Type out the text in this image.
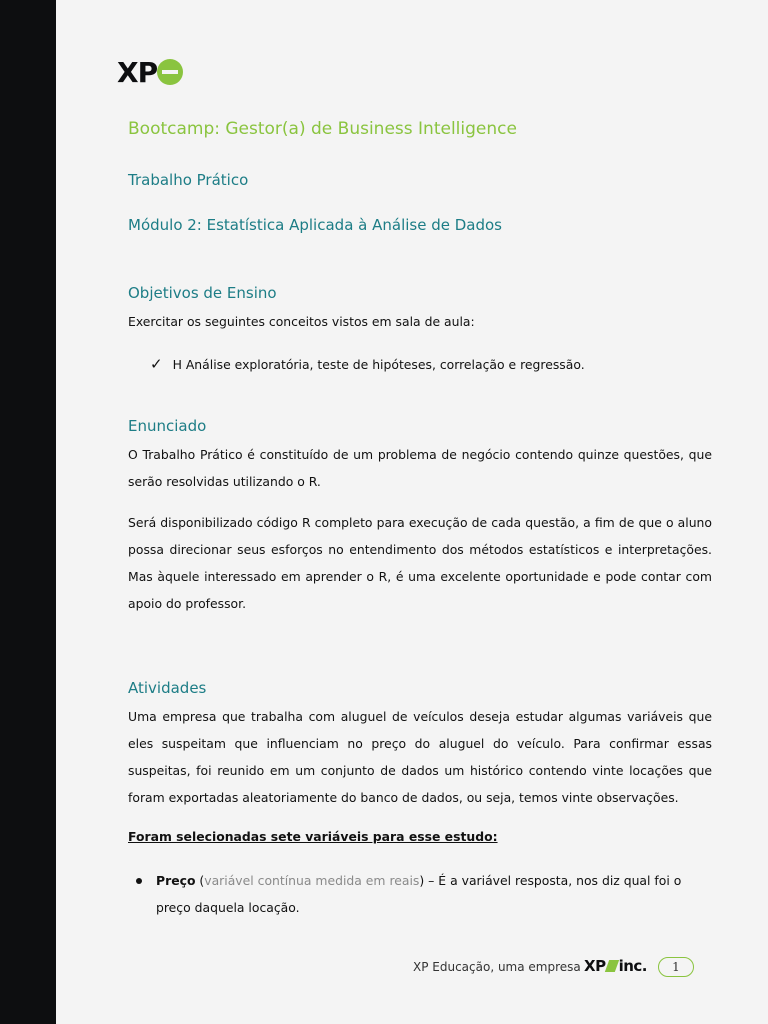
XP
Bootcamp: Gestor(a) de Business Intelligence
Trabalho Prático
Módulo 2: Estatística Aplicada à Análise de Dados
Objetivos de Ensino
Exercitar os seguintes conceitos vistos em sala de aula:
✓ H Análise exploratória, teste de hipóteses, correlação e regressão.
Enunciado
O Trabalho Prático é constituído de um problema de negócio contendo quinze questões, que serão resolvidas utilizando o R.
Será disponibilizado código R completo para execução de cada questão, a fim de que o aluno possa direcionar seus esforços no entendimento dos métodos estatísticos e interpretações. Mas àquele interessado em aprender o R, é uma excelente oportunidade e pode contar com apoio do professor.
Atividades
Uma empresa que trabalha com aluguel de veículos deseja estudar algumas variáveis que eles suspeitam que influenciam no preço do aluguel do veículo. Para confirmar essas suspeitas, foi reunido em um conjunto de dados um histórico contendo vinte locações que foram exportadas aleatoriamente do banco de dados, ou seja, temos vinte observações.
Foram selecionadas sete variáveis para esse estudo:
Preço (variável contínua medida em reais) – É a variável resposta, nos diz qual foi o preço daquela locação.
XP Educação, uma empresa XP inc.	1
